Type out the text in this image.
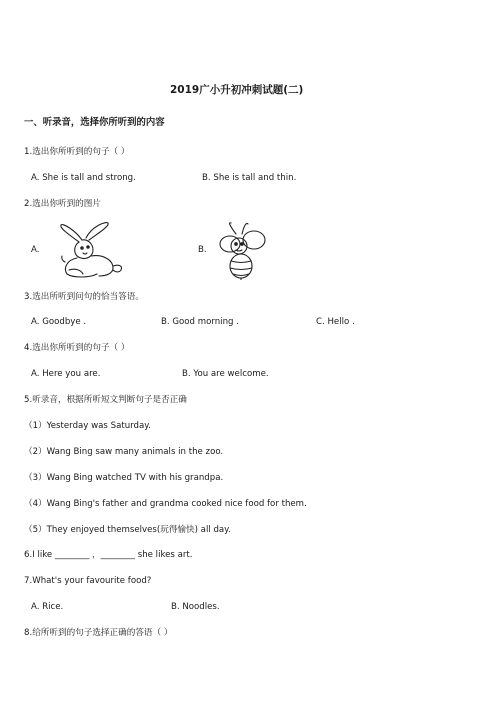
2019广小升初冲刺试题(二)
一、听录音，选择你所听到的内容
1.选出你所听到的句子（ ）
A. She is tall and strong.	B. She is tall and thin.
2.选出你听到的图片
A.	B.
3.选出所听到问句的恰当答语。
A. Goodbye .	B. Good morning .	C. Hello .
4.选出你所听到的句子（ ）
A. Here you are.	B. You are welcome.
5.听录音，根据所听短文判断句子是否正确
（1）Yesterday was Saturday.
（2）Wang Bing saw many animals in the zoo.
（3）Wang Bing watched TV with his grandpa.
（4）Wang Bing's father and grandma cooked nice food for them.
（5）They enjoyed themselves(玩得愉快) all day.
6.I like ________ ，________ she likes art.
7.What's your favourite food?
A. Rice.	B. Noodles.
8.给所听到的句子选择正确的答语（ ）
